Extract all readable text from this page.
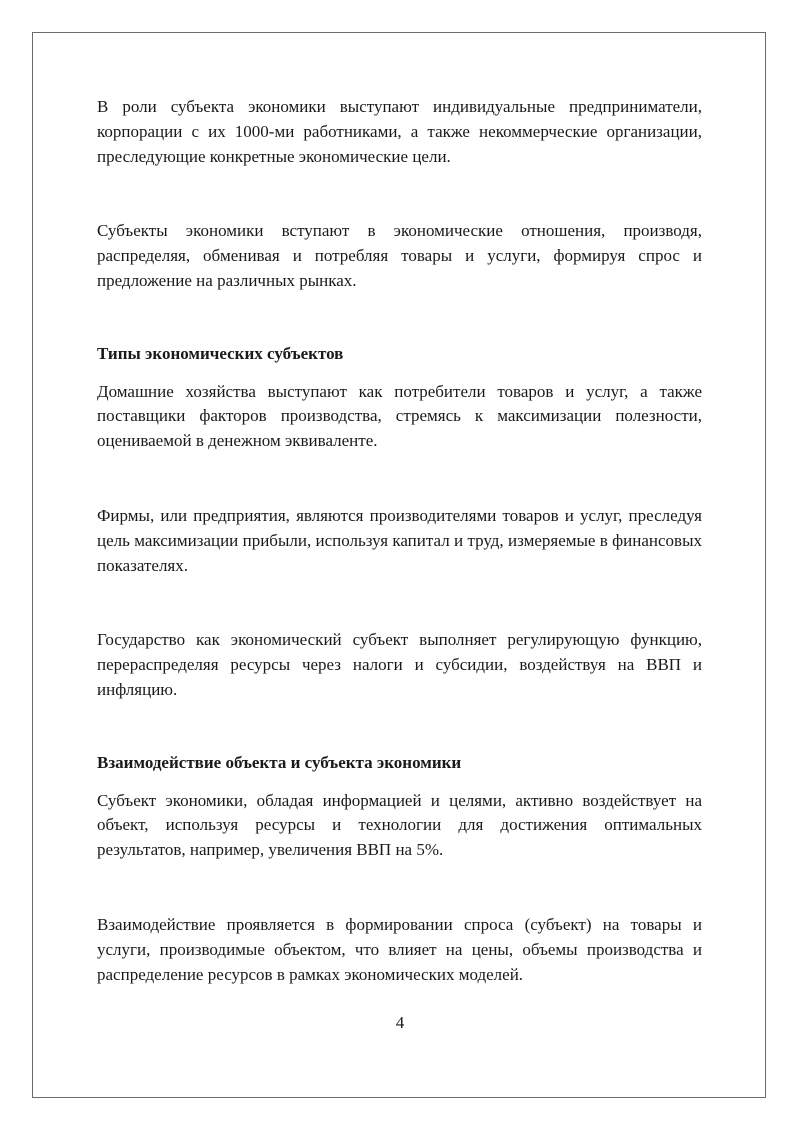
В роли субъекта экономики выступают индивидуальные предприниматели, корпорации с их 1000-ми работниками, а также некоммерческие организации, преследующие конкретные экономические цели.

Субъекты экономики вступают в экономические отношения, производя, распределяя, обменивая и потребляя товары и услуги, формируя спрос и предложение на различных рынках.

Типы экономических субъектов

Домашние хозяйства выступают как потребители товаров и услуг, а также поставщики факторов производства, стремясь к максимизации полезности, оцениваемой в денежном эквиваленте.

Фирмы, или предприятия, являются производителями товаров и услуг, преследуя цель максимизации прибыли, используя капитал и труд, измеряемые в финансовых показателях.

Государство как экономический субъект выполняет регулирующую функцию, перераспределяя ресурсы через налоги и субсидии, воздействуя на ВВП и инфляцию.

Взаимодействие объекта и субъекта экономики

Субъект экономики, обладая информацией и целями, активно воздействует на объект, используя ресурсы и технологии для достижения оптимальных результатов, например, увеличения ВВП на 5%.

Взаимодействие проявляется в формировании спроса (субъект) на товары и услуги, производимые объектом, что влияет на цены, объемы производства и распределение ресурсов в рамках экономических моделей.

4
